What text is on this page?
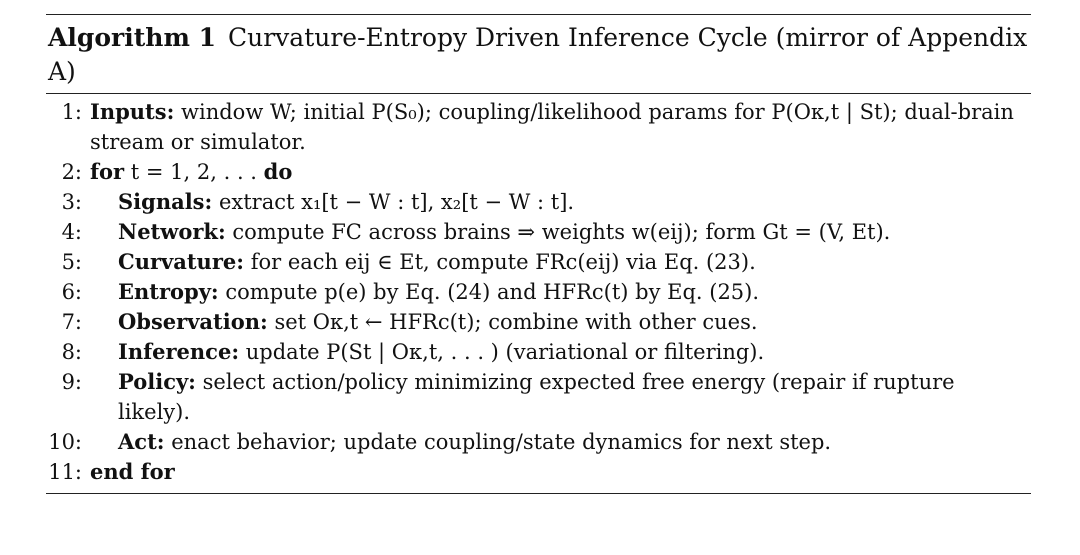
Algorithm 1 Curvature-Entropy Driven Inference Cycle (mirror of Appendix A)
1: Inputs: window W; initial P(S₀); coupling/likelihood params for P(Oκ,t | St); dual-brain stream or simulator.
2: for t = 1, 2, . . . do
3:	Signals: extract x₁[t − W : t], x₂[t − W : t].
4:	Network: compute FC across brains ⇒ weights w(eij); form Gt = (V, Et).
5:	Curvature: for each eij ∈ Et, compute FRc(eij) via Eq. (23).
6:	Entropy: compute p(e) by Eq. (24) and HFRc(t) by Eq. (25).
7:	Observation: set Oκ,t ← HFRc(t); combine with other cues.
8:	Inference: update P(St | Oκ,t, . . . ) (variational or filtering).
9:	Policy: select action/policy minimizing expected free energy (repair if rupture likely).
10:	Act: enact behavior; update coupling/state dynamics for next step.
11: end for
